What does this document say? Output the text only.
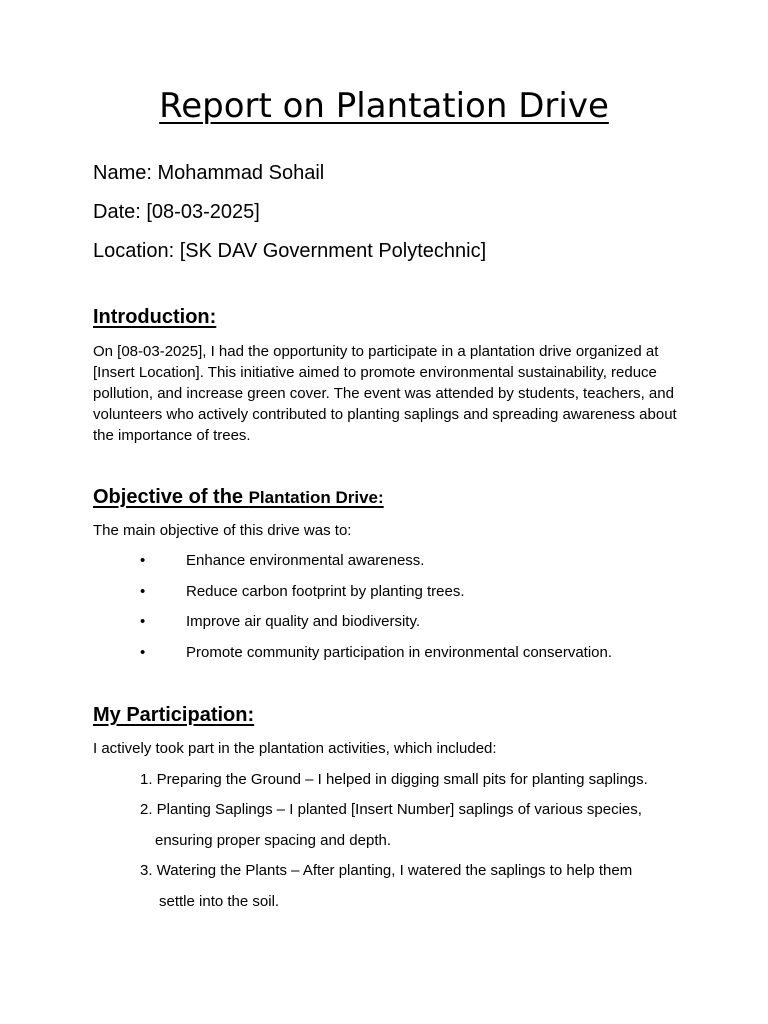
Report on Plantation Drive

Name: Mohammad Sohail

Date: [08-03-2025]

Location: [SK DAV Government Polytechnic]

Introduction:

On [08-03-2025], I had the opportunity to participate in a plantation drive organized at [Insert Location]. This initiative aimed to promote environmental sustainability, reduce pollution, and increase green cover. The event was attended by students, teachers, and volunteers who actively contributed to planting saplings and spreading awareness about the importance of trees.

Objective of the Plantation Drive:

The main objective of this drive was to:

•	Enhance environmental awareness.

•	Reduce carbon footprint by planting trees.

•	Improve air quality and biodiversity.

•	Promote community participation in environmental conservation.

My Participation:

I actively took part in the plantation activities, which included:

1. Preparing the Ground – I helped in digging small pits for planting saplings.

2. Planting Saplings – I planted [Insert Number] saplings of various species,

ensuring proper spacing and depth.

3. Watering the Plants – After planting, I watered the saplings to help them

settle into the soil.
